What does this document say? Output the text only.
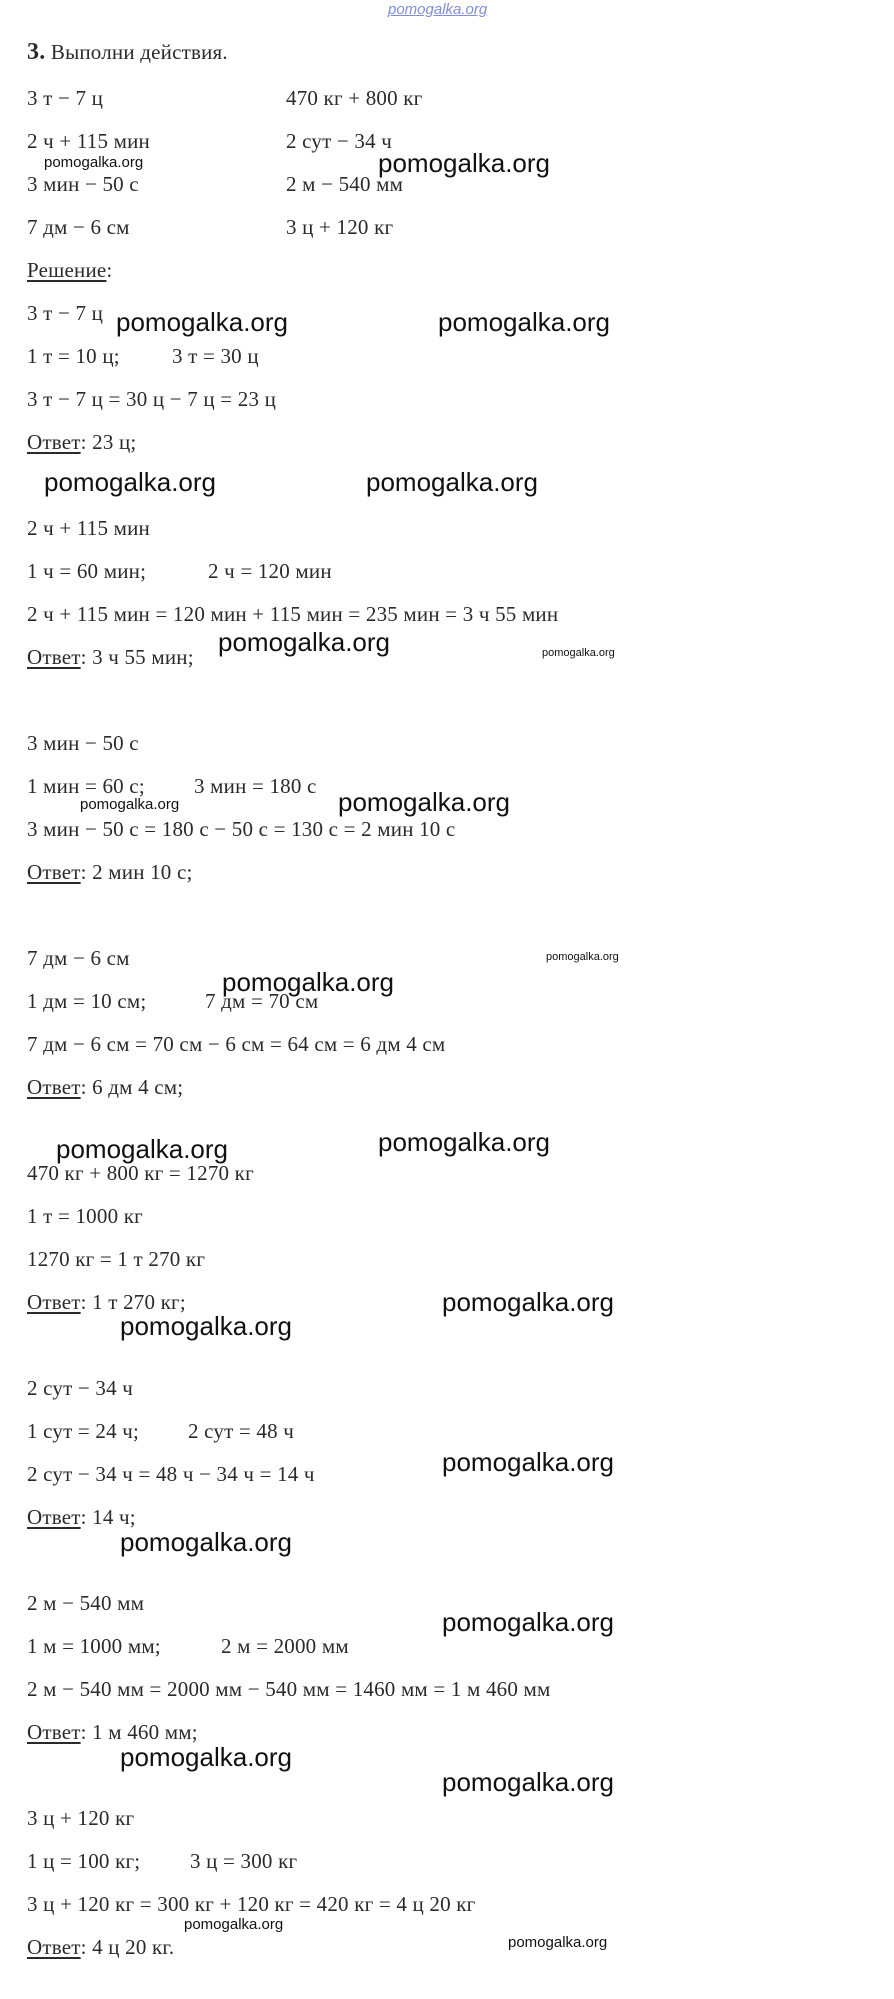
pomogalka.org
3. Выполни действия.
3 т − 7 ц	470 кг + 800 кг
2 ч + 115 мин	2 сут − 34 ч
3 мин − 50 с	2 м − 540 мм
7 дм − 6 см	3 ц + 120 кг
Решение:
3 т − 7 ц
1 т = 10 ц; 3 т = 30 ц
3 т − 7 ц = 30 ц − 7 ц = 23 ц
Ответ: 23 ц;
2 ч + 115 мин
1 ч = 60 мин;	2 ч = 120 мин
2 ч + 115 мин = 120 мин + 115 мин = 235 мин = 3 ч 55 мин
Ответ: 3 ч 55 мин;
3 мин − 50 с
1 мин = 60 с; 3 мин = 180 с
3 мин − 50 с = 180 с − 50 с = 130 с = 2 мин 10 с
Ответ: 2 мин 10 с;
7 дм − 6 см
1 дм = 10 см;	7 дм = 70 см
7 дм − 6 см = 70 см − 6 см = 64 см = 6 дм 4 см
Ответ: 6 дм 4 см;
470 кг + 800 кг = 1270 кг
1 т = 1000 кг
1270 кг = 1 т 270 кг
Ответ: 1 т 270 кг;
2 сут − 34 ч
1 сут = 24 ч; 2 сут = 48 ч
2 сут − 34 ч = 48 ч − 34 ч = 14 ч
Ответ: 14 ч;
2 м − 540 мм
1 м = 1000 мм;	2 м = 2000 мм
2 м − 540 мм = 2000 мм − 540 мм = 1460 мм = 1 м 460 мм
Ответ: 1 м 460 мм;
3 ц + 120 кг
1 ц = 100 кг; 3 ц = 300 кг
3 ц + 120 кг = 300 кг + 120 кг = 420 кг = 4 ц 20 кг
Ответ: 4 ц 20 кг.
pomogalka.org	pomogalka.org
pomogalka.org	pomogalka.org
pomogalka.org	pomogalka.org
pomogalka.org	pomogalka.org
pomogalka.org	pomogalka.org
pomogalka.org
pomogalka.org
pomogalka.org	pomogalka.org
pomogalka.org
pomogalka.org
pomogalka.org
pomogalka.org
pomogalka.org
pomogalka.org
pomogalka.org
pomogalka.org
pomogalka.org
